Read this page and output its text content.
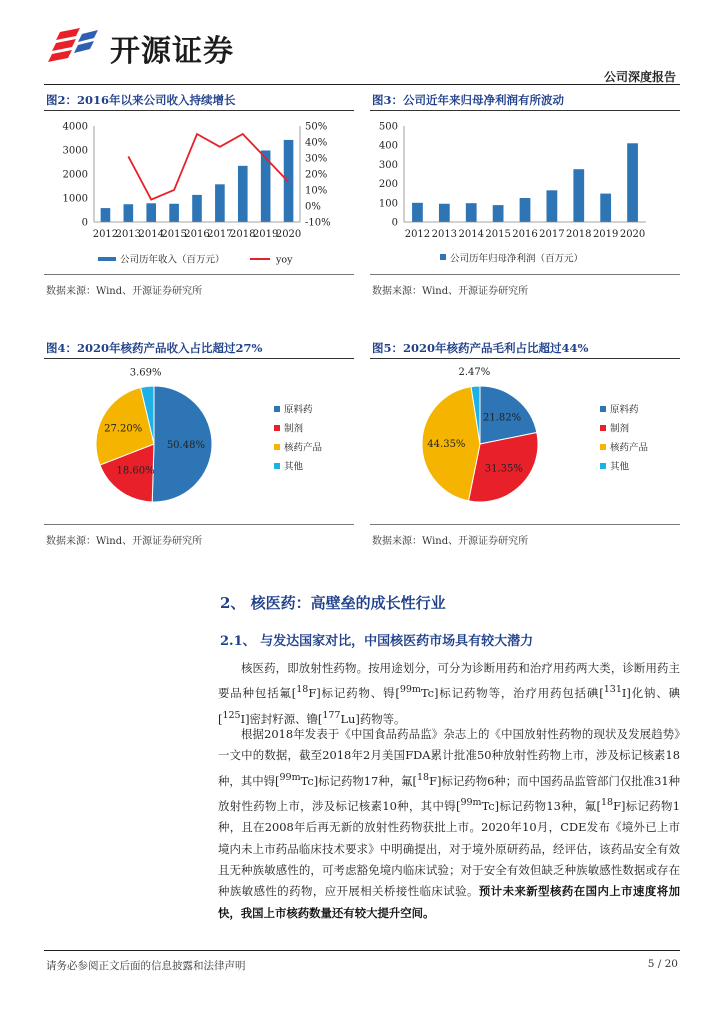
开源证券
公司深度报告
图2：2016年以来公司收入持续增长
0
1000
2000
3000
4000
-10%
0%
10%
20%
30%
40%
50%
2012
2013
2014
2015
2016
2017
2018
2019
2020
公司历年收入（百万元）	yoy
数据来源：Wind、开源证券研究所
图3：公司近年来归母净利润有所波动
0
100
200
300
400
500
2012 2013 2014 2015 2016 2017 2018 2019 2020
公司历年归母净利润（百万元）
数据来源：Wind、开源证券研究所
图4：2020年核药产品收入占比超过27%
50.48%
18.60%
27.20%
3.69%
原料药
制剂
核药产品
其他
数据来源：Wind、开源证券研究所
图5：2020年核药产品毛利占比超过44%
21.82%
31.35%
44.35%
2.47%
原料药
制剂
核药产品
其他
数据来源：Wind、开源证券研究所
2、 核医药：高壁垒的成长性行业
2.1、 与发达国家对比，中国核医药市场具有较大潜力
核医药，即放射性药物。按用途划分，可分为诊断用药和治疗用药两大类，诊断用药主要品种包括氟[$^{18}$F]标记药物、锝[$^{99m}$Tc]标记药物等，治疗用药包括碘[$^{131}$I]化钠、碘[$^{125}$I]密封籽源、镥[$^{177}$Lu]药物等。
根据2018年发表于《中国食品药品监》杂志上的《中国放射性药物的现状及发展趋势》一文中的数据，截至2018年2月美国FDA累计批准50种放射性药物上市，涉及标记核素18种，其中锝[$^{99m}$Tc]标记药物17种，氟[$^{18}$F]标记药物6种；而中国药品监管部门仅批准31种放射性药物上市，涉及标记核素10种，其中锝[$^{99m}$Tc]标记药物13种，氟[$^{18}$F]标记药物1种，且在2008年后再无新的放射性药物获批上市。2020年10月，CDE发布《境外已上市境内未上市药品临床技术要求》中明确提出，对于境外原研药品，经评估，该药品安全有效且无种族敏感性的，可考虑豁免境内临床试验；对于安全有效但缺乏种族敏感性数据或存在种族敏感性的药物，应开展相关桥接性临床试验。预计未来新型核药在国内上市速度将加快，我国上市核药数量还有较大提升空间。
请务必参阅正文后面的信息披露和法律声明	5 / 20
